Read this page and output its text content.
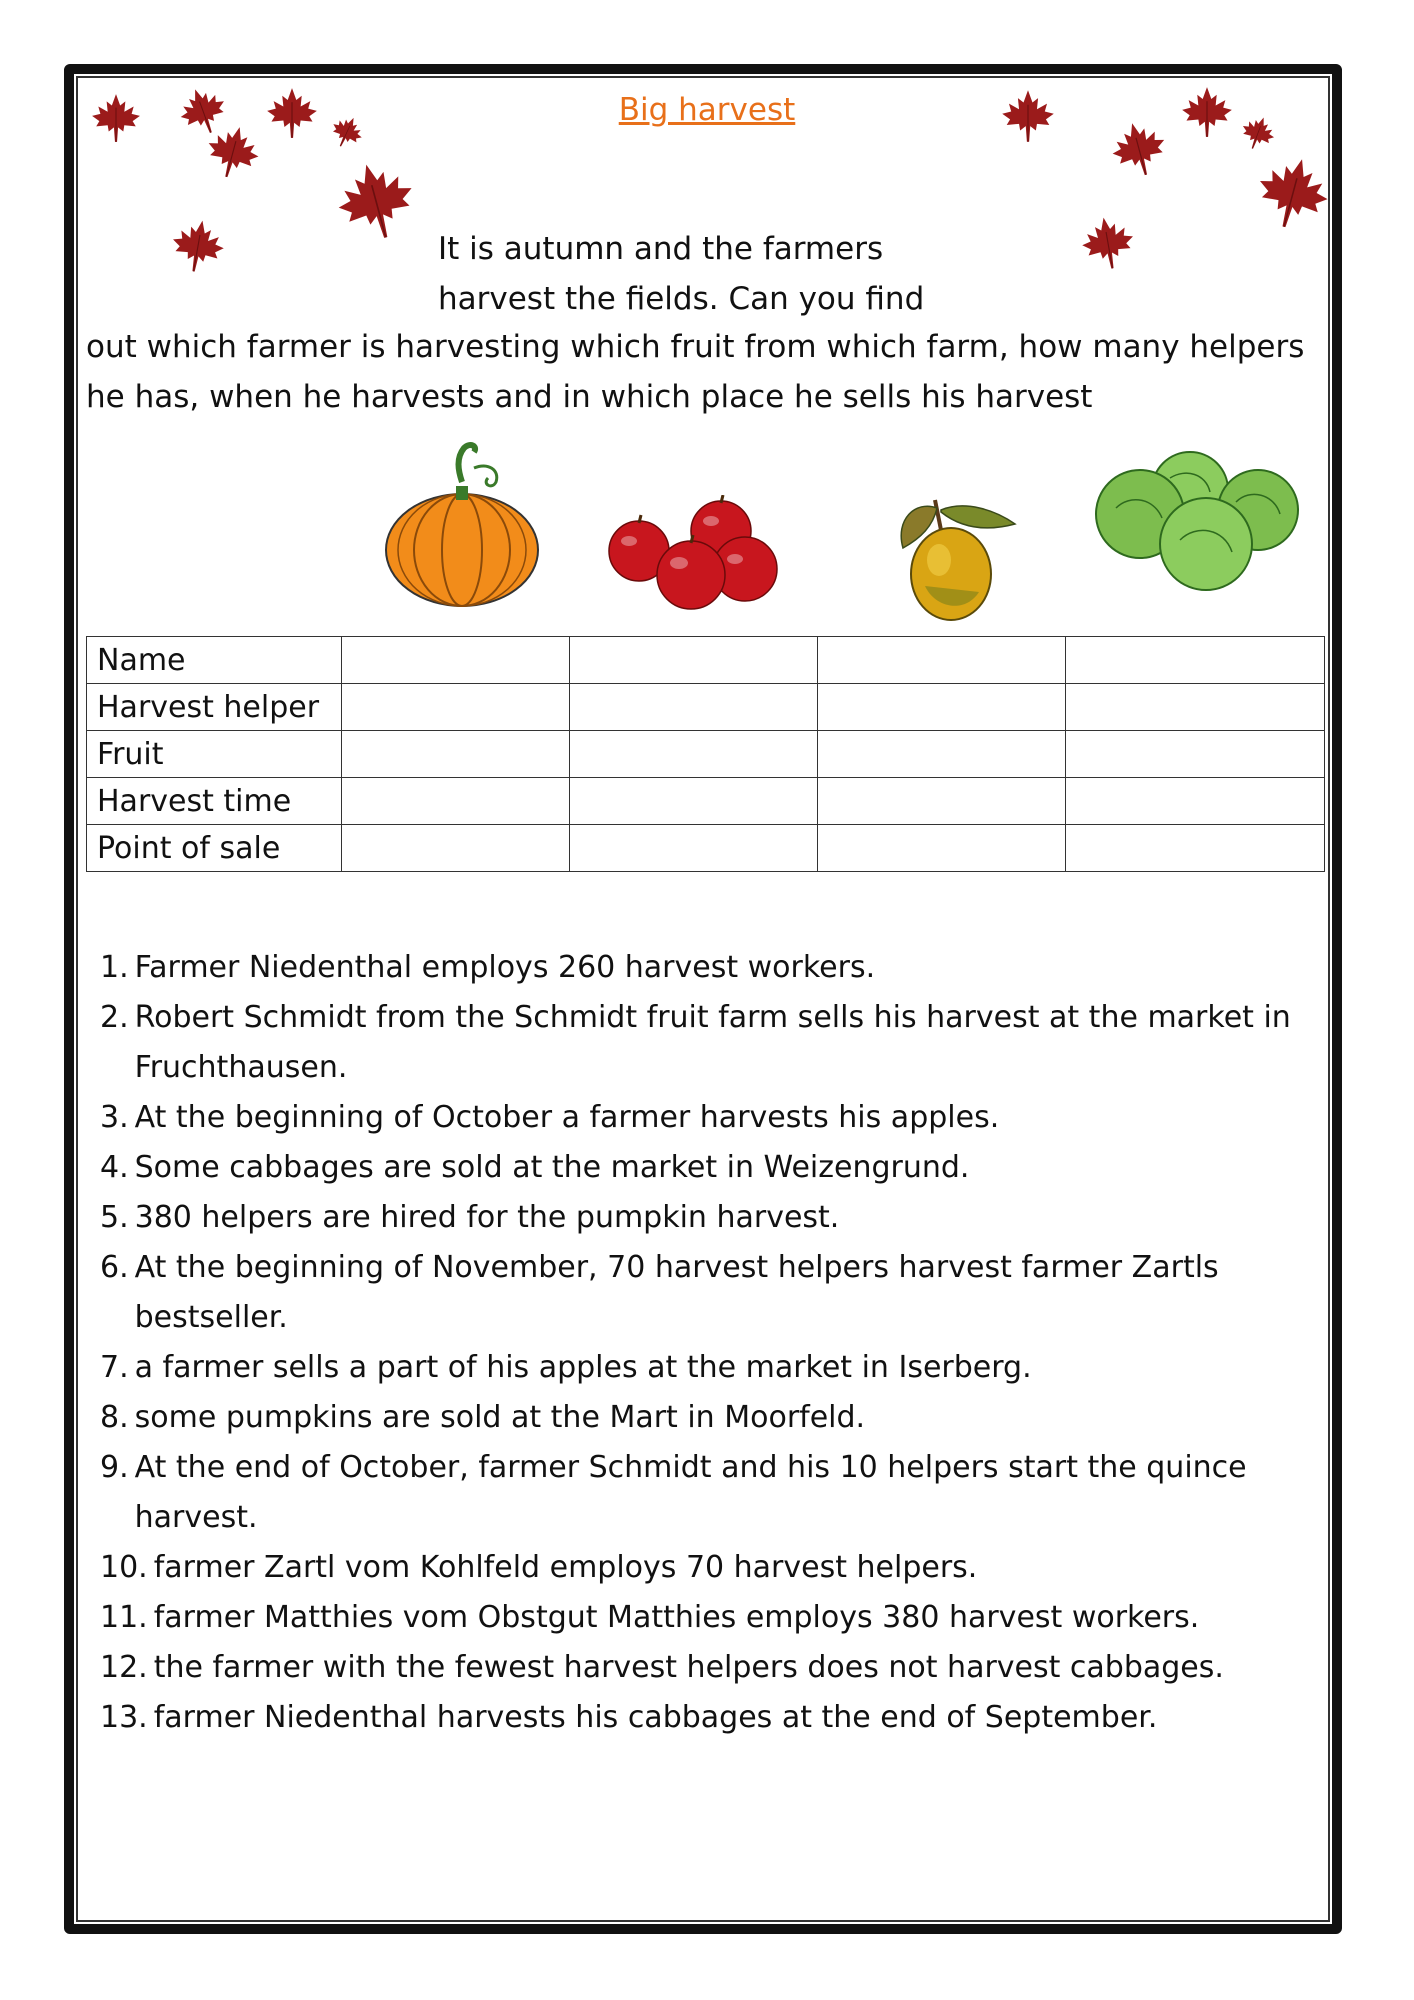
Big harvest
It is autumn and the farmers
harvest the fields. Can you find
out which farmer is harvesting which fruit from which farm, how many helpers
he has, when he harvests and in which place he sells his harvest
Name				
Harvest helper				
Fruit				
Harvest time				
Point of sale				
1. Farmer Niedenthal employs 260 harvest workers.
2. Robert Schmidt from the Schmidt fruit farm sells his harvest at the market in Fruchthausen.
3. At the beginning of October a farmer harvests his apples.
4. Some cabbages are sold at the market in Weizengrund.
5. 380 helpers are hired for the pumpkin harvest.
6. At the beginning of November, 70 harvest helpers harvest farmer Zartls bestseller.
7. a farmer sells a part of his apples at the market in Iserberg.
8. some pumpkins are sold at the Mart in Moorfeld.
9. At the end of October, farmer Schmidt and his 10 helpers start the quince harvest.
10. farmer Zartl vom Kohlfeld employs 70 harvest helpers.
11. farmer Matthies vom Obstgut Matthies employs 380 harvest workers.
12. the farmer with the fewest harvest helpers does not harvest cabbages.
13. farmer Niedenthal harvests his cabbages at the end of September.
